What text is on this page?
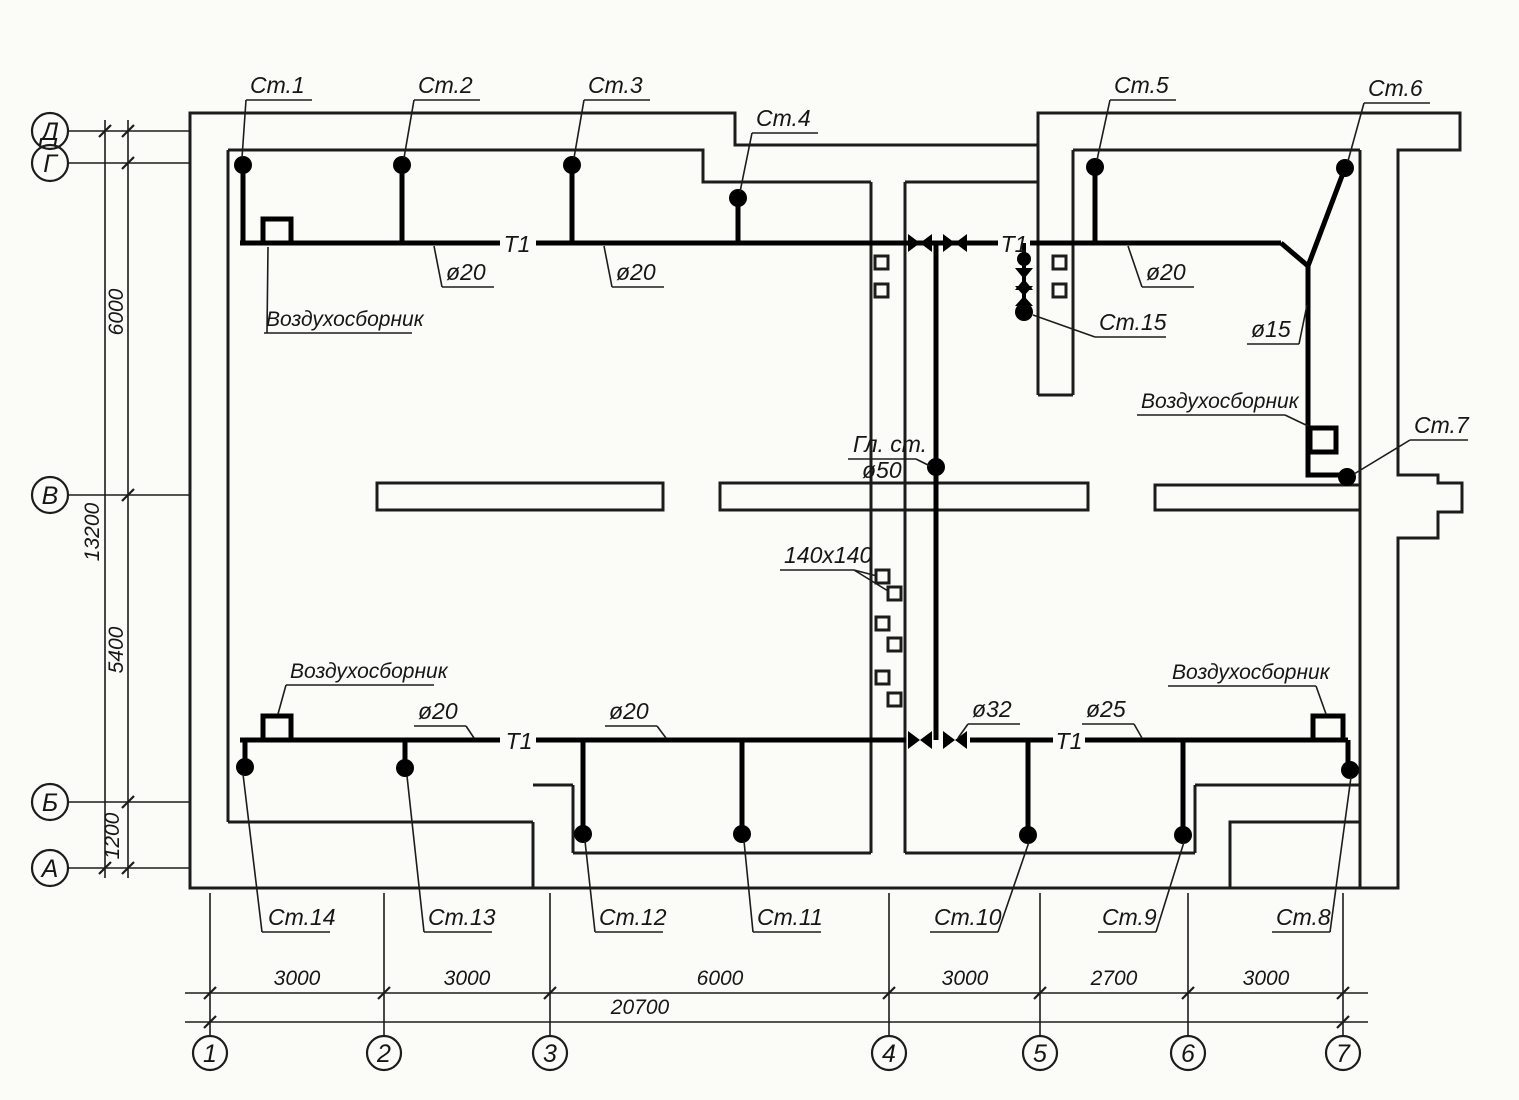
Ст.1	Ст.2	Ст.3
Ст.4
Ст.5	Ст.6
Ст.7
Ст.8
Ст.9
Ст.10
Ст.11
Ст.12
Ст.13
Ст.14
Ст.15
Гл. ст.
ø50
140x140
Воздухосборник
Воздухосборник	Воздухосборник
Воздухосборник
ø20	ø20	ø20
ø20	ø20
ø15
ø32	ø25
T1	T1
T1	T1
3000	3000	6000	3000	2700	3000
20700
6000
13200
5400
1200
1	2	3	4	5	6	7
Д
Г
В
Б
А
